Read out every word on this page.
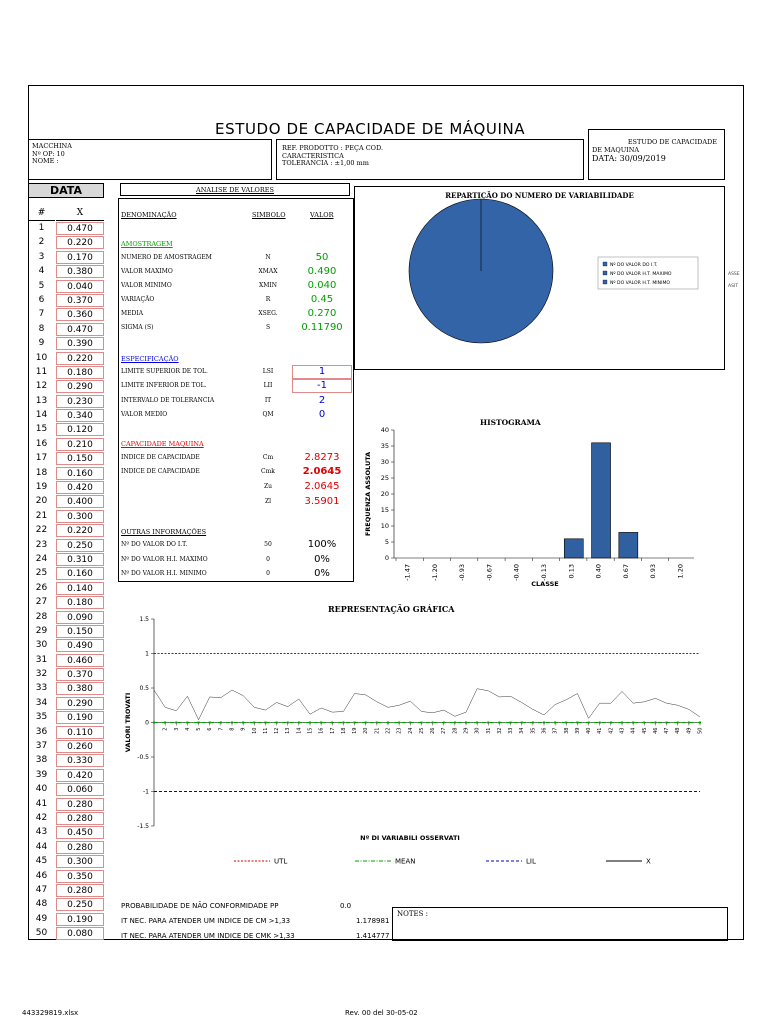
ESTUDO DE CAPACIDADE DE MÁQUINA
MACCHINA
Nº OP: 10
NOME :
REF. PRODOTTO : PEÇA COD.
CARACTERISTICA
TOLERANCIA : ±1,00 mm
ESTUDO DE CAPACIDADE
DE MAQUINA
DATA: 30/09/2019
DATA	ANALISE DE VALORES
#	X
1	0.470
2	0.220
3	0.170
4	0.380
5	0.040
6	0.370
7	0.360
8	0.470
9	0.390
10	0.220
11	0.180
12	0.290
13	0.230
14	0.340
15	0.120
16	0.210
17	0.150
18	0.160
19	0.420
20	0.400
21	0.300
22	0.220
23	0.250
24	0.310
25	0.160
26	0.140
27	0.180
28	0.090
29	0.150
30	0.490
31	0.460
32	0.370
33	0.380
34	0.290
35	0.190
36	0.110
37	0.260
38	0.330
39	0.420
40	0.060
41	0.280
42	0.280
43	0.450
44	0.280
45	0.300
46	0.350
47	0.280
48	0.250
49	0.190
50	0.080
DENOMINAÇÃO	SIMBOLO	VALOR
AMOSTRAGEM
NUMERO DE AMOSTRAGEM	N	50
VALOR MAXIMO	XMAX	0.490
VALOR MINIMO	XMIN	0.040
VARIAÇÃO	R	0.45
MEDIA	XSEG.	0.270
SIGMA (S)	S	0.11790
ESPECIFICAÇÃO
LIMITE SUPERIOR DE TOL.	LSI	1
LIMITE INFERIOR DE TOL.	LII	-1
INTERVALO DE TOLERANCIA	IT	2
VALOR MEDIO	QM	0
CAPACIDADE MAQUINA
INDICE DE CAPACIDADE	Cm	2.8273
INDICE DE CAPACIDADE	Cmk	2.0645
Zu	2.0645
Zl	3.5901
OUTRAS INFORMAÇÕES
Nº DO VALOR DO I.T.	50	100%
Nº DO VALOR H.I. MAXIMO	0	0%
Nº DO VALOR H.I. MINIMO	0	0%
REPARTIÇÃO DO NUMERO DE VARIABILIDADE
Nº DO VALOR DO I.T.
Nº DO VALOR H.T. MAXIMO
Nº DO VALOR H.T. MINIMO
ASSE
ASIT
HISTOGRAMA
0
5
10
15
20
25
30
35
40
-1.47	-1.20	-0.93	-0.67	-0.40	-0.13	0.13	0.40	0.67	0.93	1.20
FREQUENZA ASSOLUTA
CLASSE
REPRESENTAÇÃO GRÁFICA
-1.5
-1
-0.5
0
0.5
1
1.5
2 3 4 5 6 7 8 9 10 11 12 13 14 15 16 17 18 19 20 21 22 23 24 25 26 27 28 29 30 31 32 33 34 35 36 37 38 39 40 41 42 43 44 45 46 47 48 49 50
VALORI TROVATI
Nº DI VARIABILI OSSERVATI
UTL	MEAN	LIL	X
PROBABILIDADE DE NÃO CONFORMIDADE PP	0.0
IT NEC. PARA ATENDER UM INDICE DE CM >1,33	1.178981
IT NEC. PARA ATENDER UM INDICE DE CMK >1,33	1.414777
NOTES :
443329819.xlsx	Rev. 00 del 30-05-02
